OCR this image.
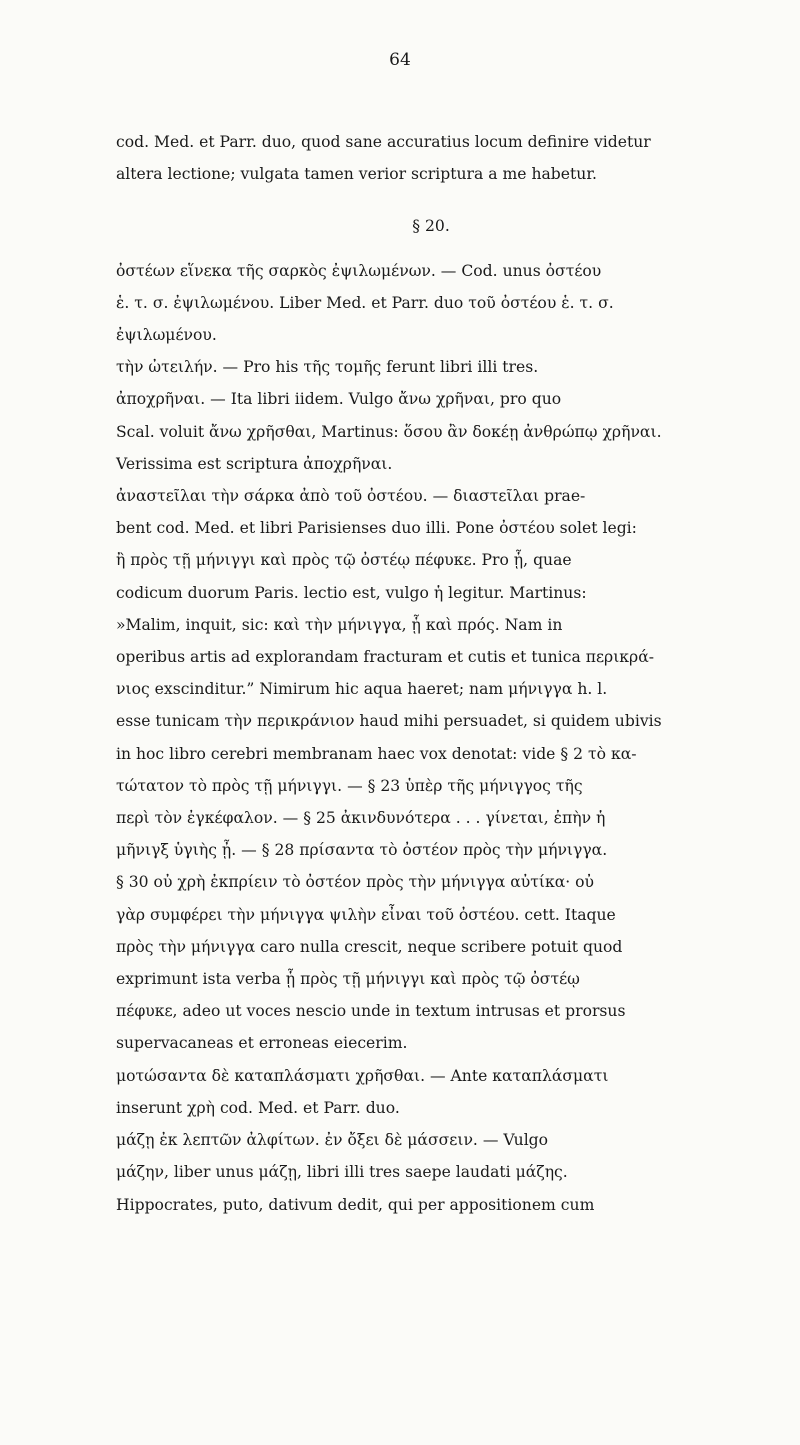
64

cod. Med. et Parr. duo, quod sane accuratius locum definire videtur
altera lectione; vulgata tamen verior scriptura a me habetur.

§ 20.

ὀστέων εἵνεκα τῆς σαρκὸς ἐψιλωμένων. — Cod. unus ὀστέου
ἑ. τ. σ. ἐψιλωμένου. Liber Med. et Parr. duo τοῦ ὀστέου ἑ. τ. σ.
ἐψιλωμένου.

τὴν ὠτειλήν. — Pro his τῆς τομῆς ferunt libri illi tres.

ἀποχρῆναι. — Ita libri iidem. Vulgo ἄνω χρῆναι, pro quo
Scal. voluit ἄνω χρῆσθαι, Martinus: ὅσου ἂν δοκέῃ ἀνθρώπῳ χρῆναι.
Verissima est scriptura ἀποχρῆναι.

ἀναστεῖλαι τὴν σάρκα ἀπὸ τοῦ ὀστέου. — διαστεῖλαι prae-
bent cod. Med. et libri Parisienses duo illi. Pone ὀστέου solet legi:
ἢ πρὸς τῇ μήνιγγι καὶ πρὸς τῷ ὀστέῳ πέφυκε. Pro ᾗ, quae
codicum duorum Paris. lectio est, vulgo ἡ legitur. Martinus:
»Malim, inquit, sic: καὶ τὴν μήνιγγα, ᾗ καὶ πρός. Nam in
operibus artis ad explorandam fracturam et cutis et tunica περικρά-
νιος exscinditur.” Nimirum hic aqua haeret; nam μήνιγγα h. l.
esse tunicam τὴν περικράνιον haud mihi persuadet, si quidem ubivis
in hoc libro cerebri membranam haec vox denotat: vide § 2 τὸ κα-
τώτατον τὸ πρὸς τῇ μήνιγγι. — § 23 ὑπὲρ τῆς μήνιγγος τῆς
περὶ τὸν ἐγκέφαλον. — § 25 ἀκινδυνότερα . . . γίνεται, ἐπὴν ἡ
μῆνιγξ ὑγιὴς ᾖ. — § 28 πρίσαντα τὸ ὀστέον πρὸς τὴν μήνιγγα.
§ 30 οὐ χρὴ ἐκπρίειν τὸ ὀστέον πρὸς τὴν μήνιγγα αὐτίκα· οὐ
γὰρ συμφέρει τὴν μήνιγγα ψιλὴν εἶναι τοῦ ὀστέου. cett. Itaque
πρὸς τὴν μήνιγγα caro nulla crescit, neque scribere potuit quod
exprimunt ista verba ᾗ πρὸς τῇ μήνιγγι καὶ πρὸς τῷ ὀστέῳ
πέφυκε, adeo ut voces nescio unde in textum intrusas et prorsus
supervacaneas et erroneas eiecerim.

μοτώσαντα δὲ καταπλάσματι χρῆσθαι. — Ante καταπλάσματι
inserunt χρὴ cod. Med. et Parr. duo.

μάζῃ ἐκ λεπτῶν ἀλφίτων. ἐν ὄξει δὲ μάσσειν. — Vulgo
μάζην, liber unus μάζῃ, libri illi tres saepe laudati μάζης.
Hippocrates, puto, dativum dedit, qui per appositionem cum
